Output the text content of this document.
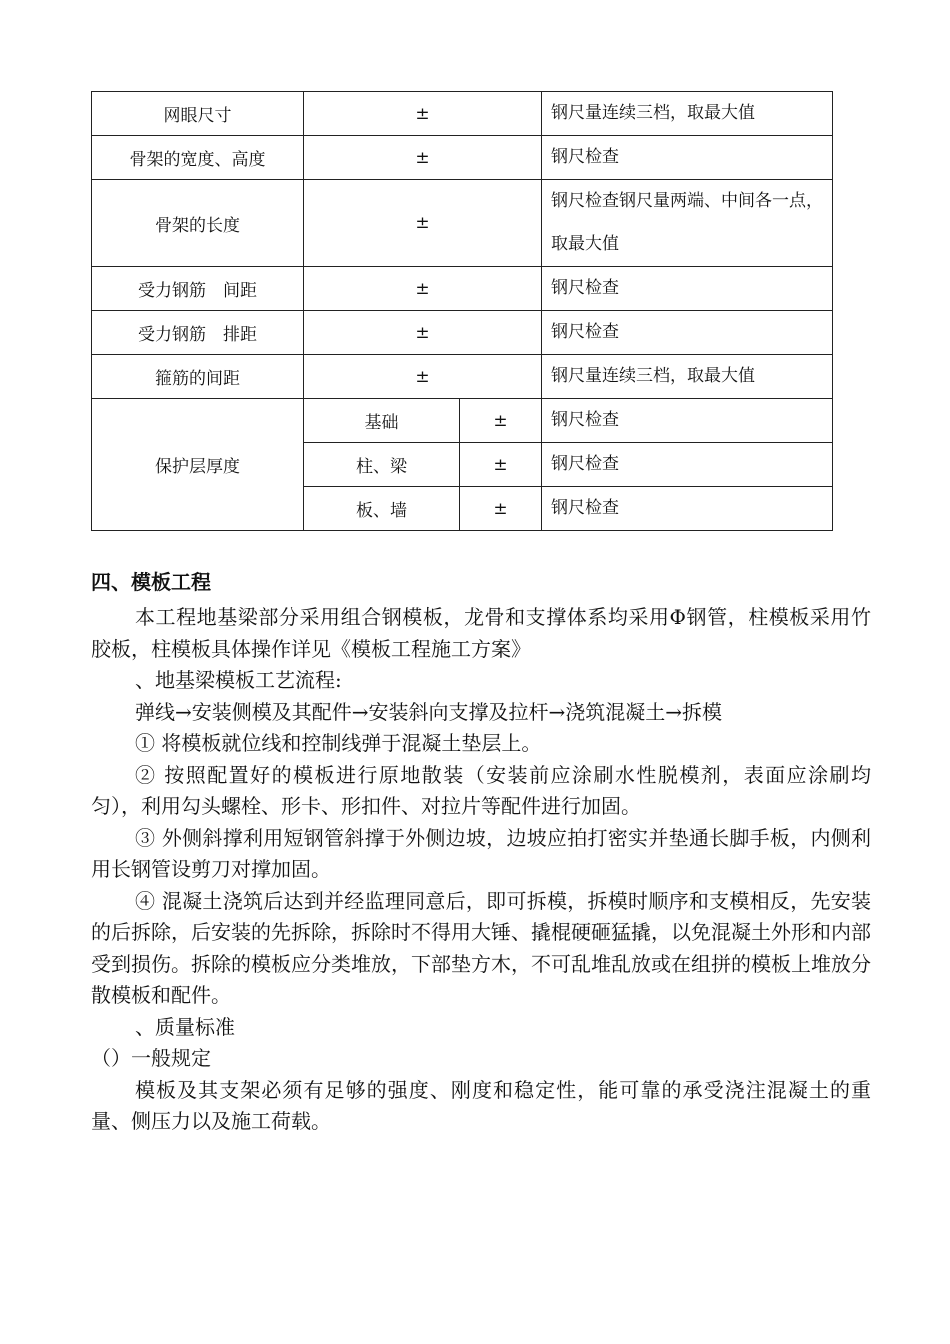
网眼尺寸	±		钢尺量连续三档，取最大值
骨架的宽度、高度	±		钢尺检查
骨架的长度	±		钢尺检查钢尺量两端、中间各一点，取最大值
受力钢筋　间距	±		钢尺检查
受力钢筋　排距	±		钢尺检查
箍筋的间距	±		钢尺量连续三档，取最大值
保护层厚度	基础	±	钢尺检查
	柱、梁	±	钢尺检查
	板、墙	±	钢尺检查
四、模板工程

本工程地基梁部分采用组合钢模板，龙骨和支撑体系均采用Φ钢管，柱模板采用竹胶板，柱模板具体操作详见《模板工程施工方案》

、地基梁模板工艺流程:

弹线→安装侧模及其配件→安装斜向支撑及拉杆→浇筑混凝土→拆模

① 将模板就位线和控制线弹于混凝土垫层上。

② 按照配置好的模板进行原地散装（安装前应涂刷水性脱模剂，表面应涂刷均匀），利用勾头螺栓、形卡、形扣件、对拉片等配件进行加固。

③ 外侧斜撑利用短钢管斜撑于外侧边坡，边坡应拍打密实并垫通长脚手板，内侧利用长钢管设剪刀对撑加固。

④ 混凝土浇筑后达到并经监理同意后，即可拆模，拆模时顺序和支模相反，先安装的后拆除，后安装的先拆除，拆除时不得用大锤、撬棍硬砸猛撬，以免混凝土外形和内部受到损伤。拆除的模板应分类堆放，下部垫方木，不可乱堆乱放或在组拼的模板上堆放分散模板和配件。

、质量标准

（）一般规定

模板及其支架必须有足够的强度、刚度和稳定性，能可靠的承受浇注混凝土的重量、侧压力以及施工荷载。
